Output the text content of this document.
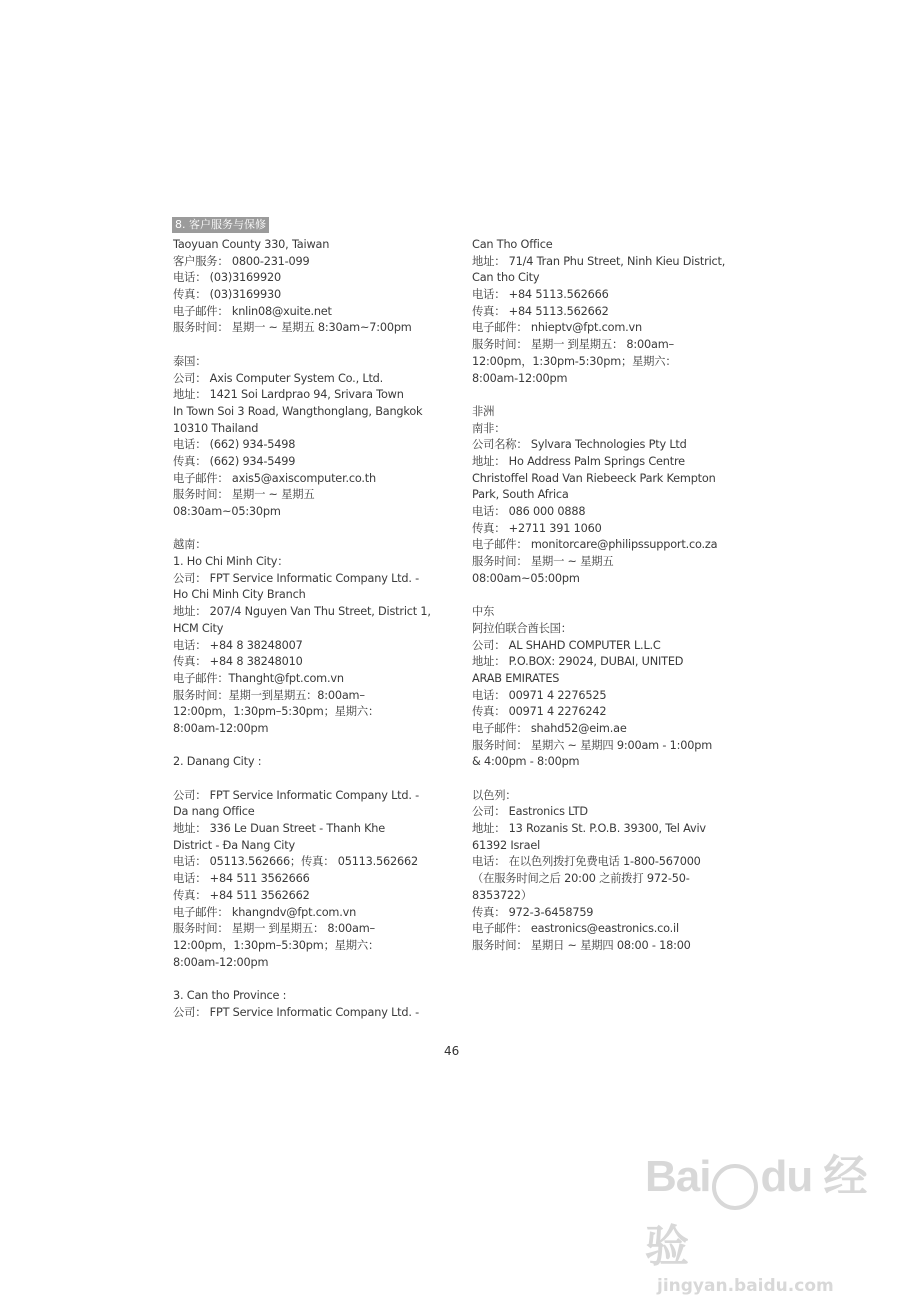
8. 客户服务与保修
Taoyuan County 330, Taiwan
客户服务： 0800-231-099
电话： (03)3169920
传真： (03)3169930
电子邮件： knlin08@xuite.net
服务时间： 星期一 ~ 星期五 8:30am~7:00pm
泰国：
公司： Axis Computer System Co., Ltd.
地址： 1421 Soi Lardprao 94, Srivara Town
In Town Soi 3 Road, Wangthonglang, Bangkok
10310 Thailand
电话： (662) 934-5498
传真： (662) 934-5499
电子邮件： axis5@axiscomputer.co.th
服务时间： 星期一 ~ 星期五
08:30am~05:30pm
越南：
1. Ho Chi Minh City：
公司： FPT Service Informatic Company Ltd. -
Ho Chi Minh City Branch
地址： 207/4 Nguyen Van Thu Street, District 1,
HCM City
电话： +84 8 38248007
传真： +84 8 38248010
电子邮件：Thanght@fpt.com.vn
服务时间：星期一到星期五：8:00am–
12:00pm，1:30pm–5:30pm；星期六：
8:00am-12:00pm
2. Danang City :
公司： FPT Service Informatic Company Ltd. -
Da nang Office
地址： 336 Le Duan Street - Thanh Khe
District - Đa Nang City
电话： 05113.562666；传真： 05113.562662
电话： +84 511 3562666
传真： +84 511 3562662
电子邮件： khangndv@fpt.com.vn
服务时间： 星期一 到星期五： 8:00am–
12:00pm，1:30pm–5:30pm；星期六：
8:00am-12:00pm
3. Can tho Province :
公司： FPT Service Informatic Company Ltd. -
Can Tho Office
地址： 71/4 Tran Phu Street, Ninh Kieu District,
Can tho City
电话： +84 5113.562666
传真： +84 5113.562662
电子邮件： nhieptv@fpt.com.vn
服务时间： 星期一 到星期五： 8:00am–
12:00pm，1:30pm-5:30pm；星期六：
8:00am-12:00pm
非洲
南非：
公司名称： Sylvara Technologies Pty Ltd
地址： Ho Address Palm Springs Centre
Christoffel Road Van Riebeeck Park Kempton
Park, South Africa
电话： 086 000 0888
传真： +2711 391 1060
电子邮件： monitorcare@philipssupport.co.za
服务时间： 星期一 ~ 星期五
08:00am~05:00pm
中东
阿拉伯联合酋长国：
公司： AL SHAHD COMPUTER L.L.C
地址： P.O.BOX: 29024, DUBAI, UNITED
ARAB EMIRATES
电话： 00971 4 2276525
传真： 00971 4 2276242
电子邮件： shahd52@eim.ae
服务时间： 星期六 ~ 星期四 9:00am - 1:00pm
& 4:00pm - 8:00pm
以色列：
公司： Eastronics LTD
地址： 13 Rozanis St. P.O.B. 39300, Tel Aviv
61392 Israel
电话： 在以色列拨打免费电话 1-800-567000
（在服务时间之后 20:00 之前拨打 972-50-
8353722）
传真： 972-3-6458759
电子邮件： eastronics@eastronics.co.il
服务时间： 星期日 ~ 星期四 08:00 - 18:00
46
Bai du 经验
jingyan.baidu.com
